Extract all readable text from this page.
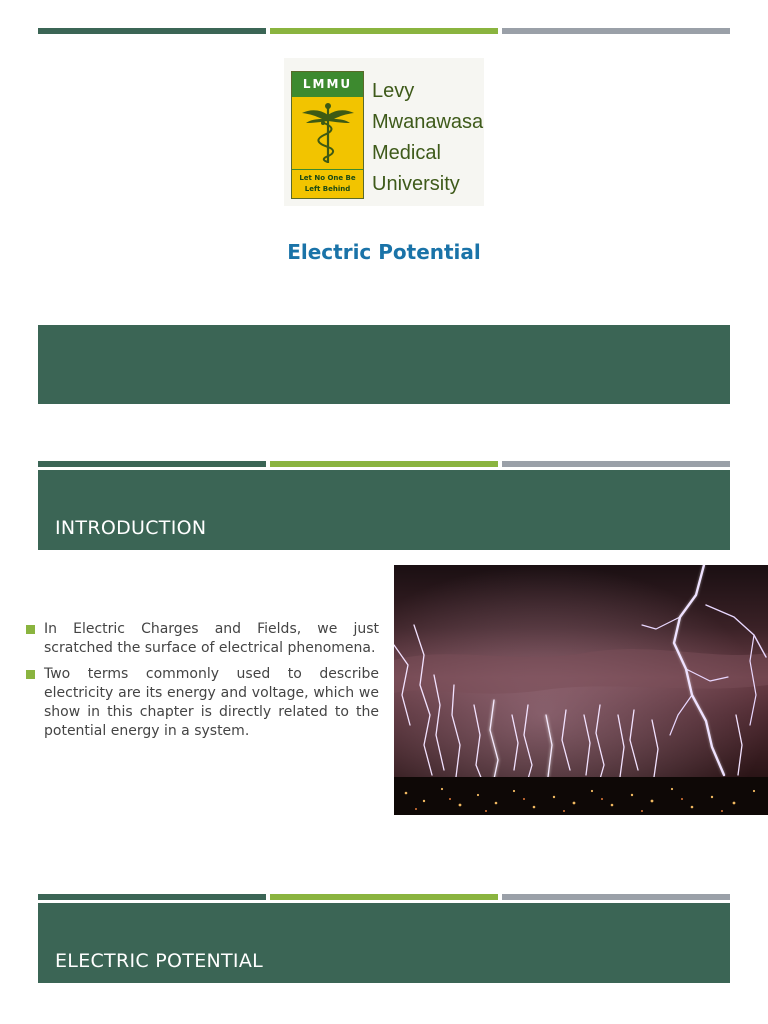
LMMU
Let No One Be
Left Behind
Levy
Mwanawasa
Medical
University
Electric Potential
INTRODUCTION
In Electric Charges and Fields, we just scratched the surface of electrical phenomena.
Two terms commonly used to describe electricity are its energy and voltage, which we show in this chapter is directly related to the potential energy in a system.
ELECTRIC POTENTIAL
